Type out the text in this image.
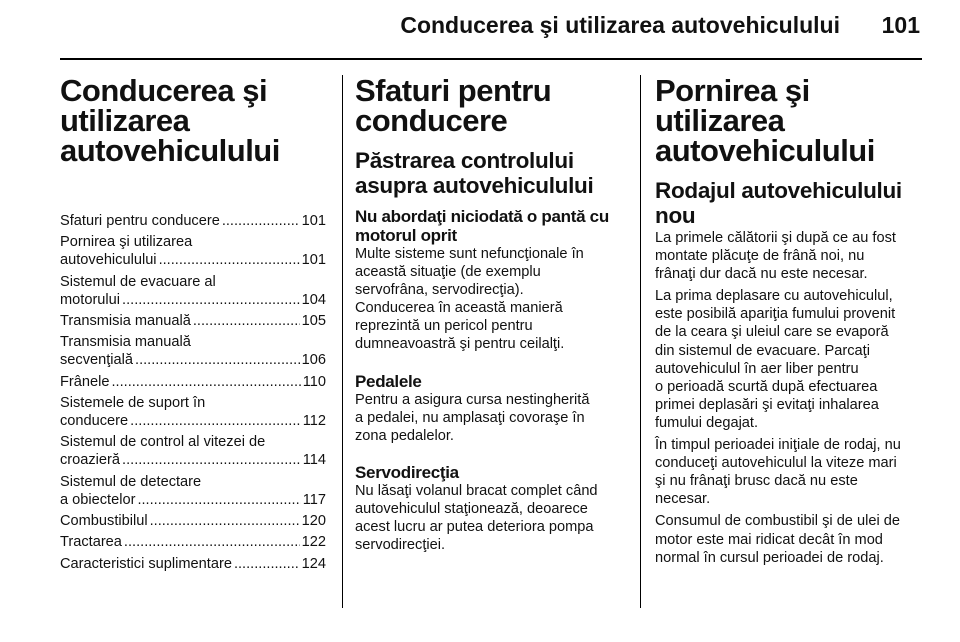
Conducerea şi utilizarea autovehiculului	101
Conducerea şi
utilizarea
autovehiculului
Sfaturi pentru conducere .....	101
Pornirea şi utilizarea
autovehiculului .....	101
Sistemul de evacuare al
motorului .....	104
Transmisia manuală .....	105
Transmisia manuală
secvenţială .....	106
Frânele .....	110
Sistemele de suport în
conducere .....	112
Sistemul de control al vitezei de
croazieră .....	114
Sistemul de detectare
a obiectelor .....	117
Combustibilul .....	120
Tractarea .....	122
Caracteristici suplimentare .....	124
Sfaturi pentru
conducere
Păstrarea controlului
asupra autovehiculului
Nu abordaţi niciodată o pantă cu
motorul oprit

Multe sisteme sunt nefuncţionale în
această situaţie (de exemplu
servofrâna, servodirecţia).
Conducerea în această manieră
reprezintă un pericol pentru
dumneavoastră şi pentru ceilalţi.

Pedalele

Pentru a asigura cursa nestingherită
a pedalei, nu amplasaţi covoraşe în
zona pedalelor.

Servodirecţia

Nu lăsaţi volanul bracat complet când
autovehiculul staţionează, deoarece
acest lucru ar putea deteriora pompa
servodirecţiei.

Pornirea şi utilizarea
autovehiculului
Rodajul autovehiculului
nou

La primele călătorii şi după ce au fost
montate plăcuţe de frână noi, nu
frânaţi dur dacă nu este necesar.

La prima deplasare cu autovehiculul,
este posibilă apariţia fumului provenit
de la ceara şi uleiul care se evaporă
din sistemul de evacuare. Parcaţi
autovehiculul în aer liber pentru
o perioadă scurtă după efectuarea
primei deplasări şi evitaţi inhalarea
fumului degajat.

În timpul perioadei iniţiale de rodaj, nu
conduceţi autovehiculul la viteze mari
şi nu frânaţi brusc dacă nu este
necesar.

Consumul de combustibil şi de ulei de
motor este mai ridicat decât în mod
normal în cursul perioadei de rodaj.
